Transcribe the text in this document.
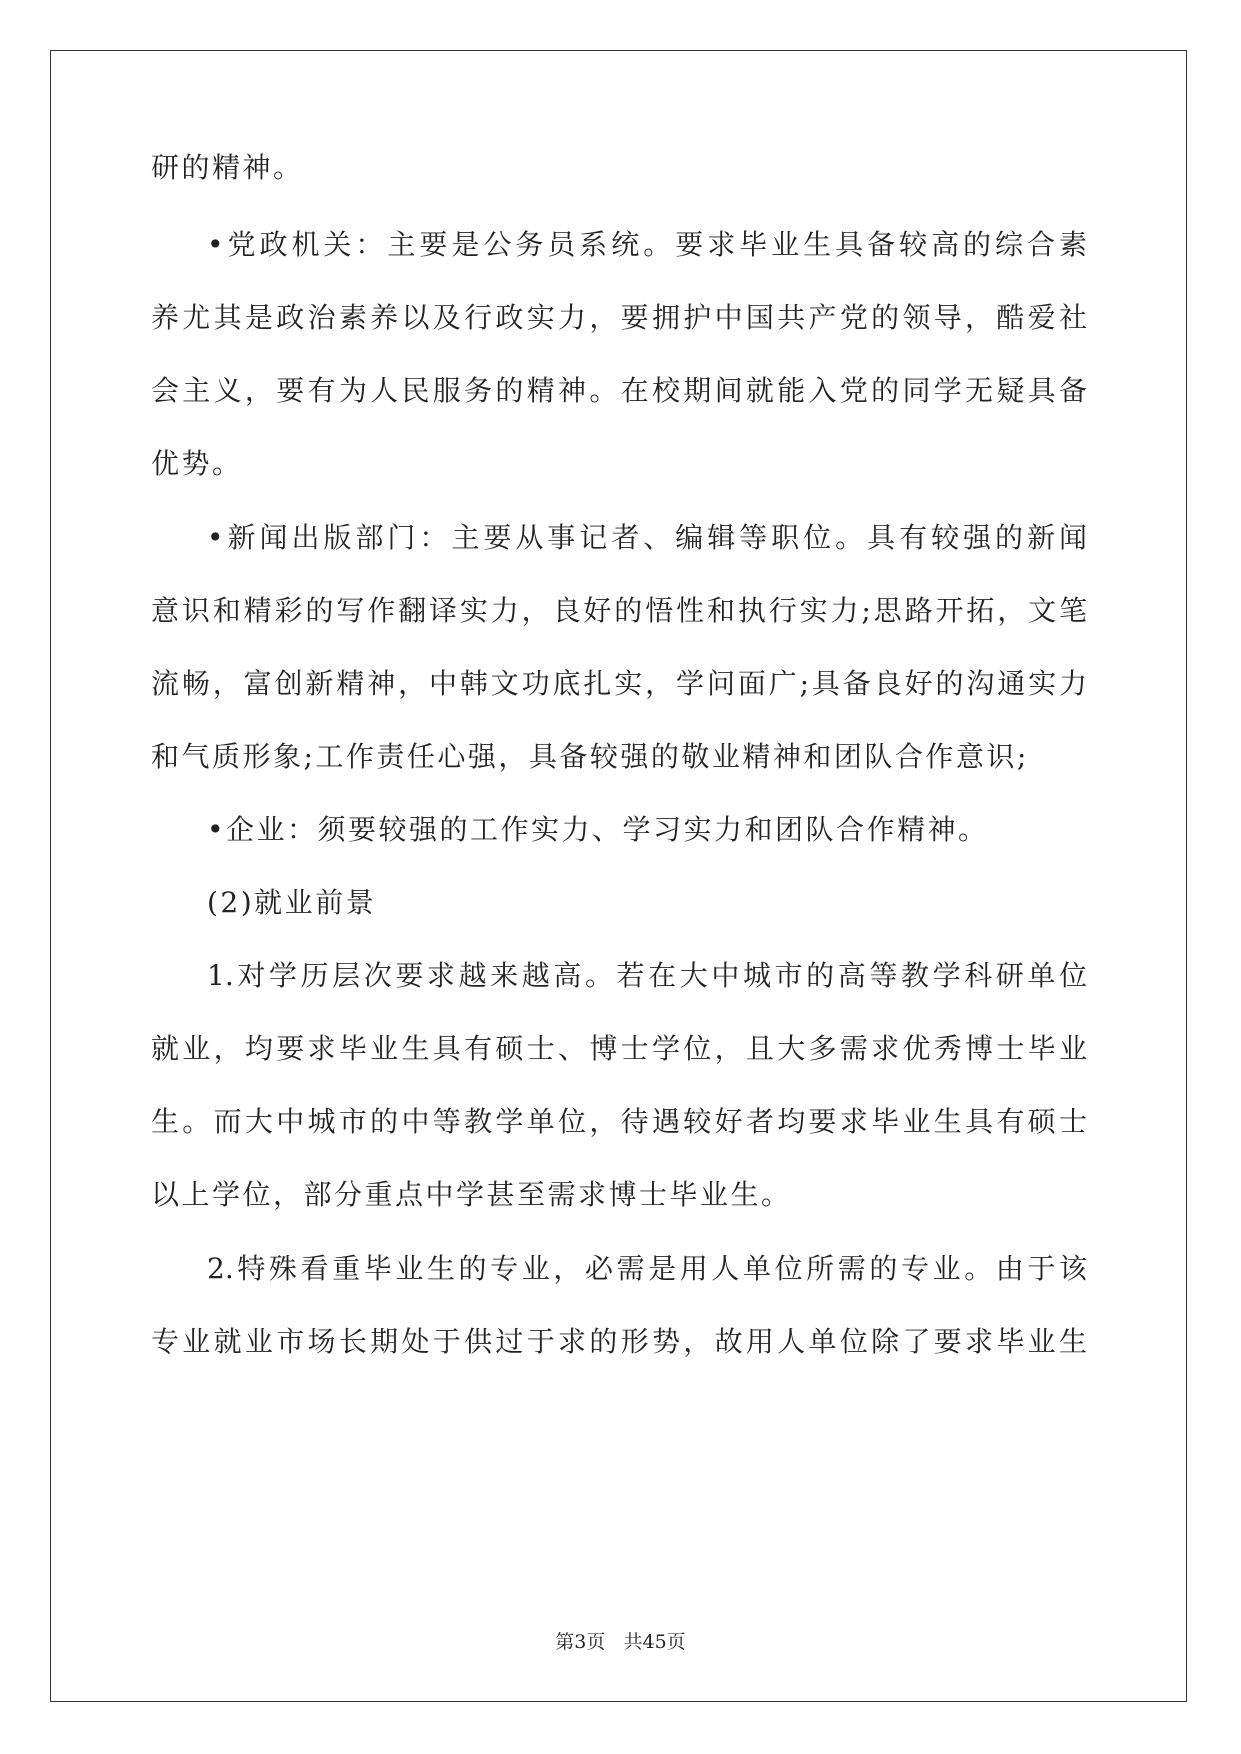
研的精神。
•党政机关：主要是公务员系统。要求毕业生具备较高的综合素
养尤其是政治素养以及行政实力，要拥护中国共产党的领导，酷爱社
会主义，要有为人民服务的精神。在校期间就能入党的同学无疑具备
优势。
•新闻出版部门：主要从事记者、编辑等职位。具有较强的新闻
意识和精彩的写作翻译实力，良好的悟性和执行实力;思路开拓，文笔
流畅，富创新精神，中韩文功底扎实，学问面广;具备良好的沟通实力
和气质形象;工作责任心强，具备较强的敬业精神和团队合作意识;
•企业：须要较强的工作实力、学习实力和团队合作精神。
(2)就业前景
1.对学历层次要求越来越高。若在大中城市的高等教学科研单位
就业，均要求毕业生具有硕士、博士学位，且大多需求优秀博士毕业
生。而大中城市的中等教学单位，待遇较好者均要求毕业生具有硕士
以上学位，部分重点中学甚至需求博士毕业生。
2.特殊看重毕业生的专业，必需是用人单位所需的专业。由于该
专业就业市场长期处于供过于求的形势，故用人单位除了要求毕业生
第3页   共45页
